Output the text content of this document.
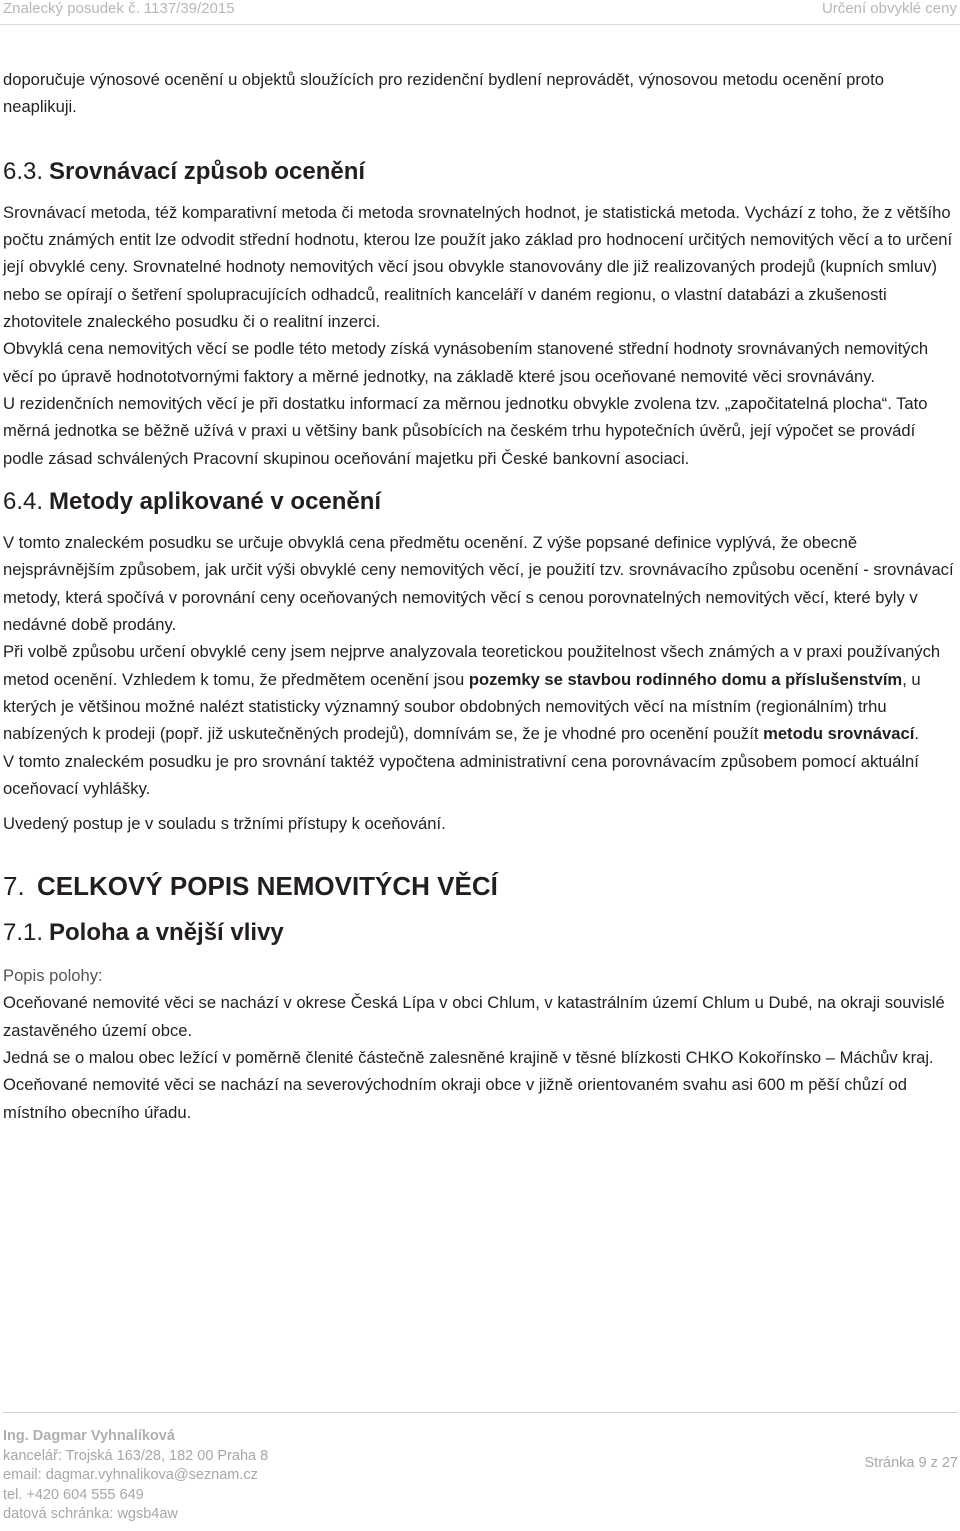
Znalecký posudek č. 1137/39/2015	Určení obvyklé ceny

doporučuje výnosové ocenění u objektů sloužících pro rezidenční bydlení neprovádět, výnosovou metodu ocenění proto neaplikuji.

6.3. Srovnávací způsob ocenění

Srovnávací metoda, též komparativní metoda či metoda srovnatelných hodnot, je statistická metoda. Vychází z toho, že z většího počtu známých entit lze odvodit střední hodnotu, kterou lze použít jako základ pro hodnocení určitých nemovitých věcí a to určení její obvyklé ceny. Srovnatelné hodnoty nemovitých věcí jsou obvykle stanovovány dle již realizovaných prodejů (kupních smluv) nebo se opírají o šetření spolupracujících odhadců, realitních kanceláří v daném regionu, o vlastní databázi a zkušenosti zhotovitele znaleckého posudku či o realitní inzerci.

Obvyklá cena nemovitých věcí se podle této metody získá vynásobením stanovené střední hodnoty srovnávaných nemovitých věcí po úpravě hodnototvornými faktory a měrné jednotky, na základě které jsou oceňované nemovité věci srovnávány.

U rezidenčních nemovitých věcí je při dostatku informací za měrnou jednotku obvykle zvolena tzv. „započitatelná plocha“. Tato měrná jednotka se běžně užívá v praxi u většiny bank působících na českém trhu hypotečních úvěrů, její výpočet se provádí podle zásad schválených Pracovní skupinou oceňování majetku při České bankovní asociaci.

6.4. Metody aplikované v ocenění

V tomto znaleckém posudku se určuje obvyklá cena předmětu ocenění. Z výše popsané definice vyplývá, že obecně nejsprávnějším způsobem, jak určit výši obvyklé ceny nemovitých věcí, je použití tzv. srovnávacího způsobu ocenění - srovnávací metody, která spočívá v porovnání ceny oceňovaných nemovitých věcí s cenou porovnatelných nemovitých věcí, které byly v nedávné době prodány.

Při volbě způsobu určení obvyklé ceny jsem nejprve analyzovala teoretickou použitelnost všech známých a v praxi používaných metod ocenění. Vzhledem k tomu, že předmětem ocenění jsou pozemky se stavbou rodinného domu a příslušenstvím, u kterých je většinou možné nalézt statisticky významný soubor obdobných nemovitých věcí na místním (regionálním) trhu nabízených k prodeji (popř. již uskutečněných prodejů), domnívám se, že je vhodné pro ocenění použít metodu srovnávací.

V tomto znaleckém posudku je pro srovnání taktéž vypočtena administrativní cena porovnávacím způsobem pomocí aktuální oceňovací vyhlášky.

Uvedený postup je v souladu s tržními přístupy k oceňování.

7. CELKOVÝ POPIS NEMOVITÝCH VĚCÍ

7.1. Poloha a vnější vlivy

Popis polohy:

Oceňované nemovité věci se nachází v okrese Česká Lípa v obci Chlum, v katastrálním území Chlum u Dubé, na okraji souvislé zastavěného území obce.

Jedná se o malou obec ležící v poměrně členité částečně zalesněné krajině v těsné blízkosti CHKO Kokořínsko – Máchův kraj.

Oceňované nemovité věci se nachází na severovýchodním okraji obce v jižně orientovaném svahu asi 600 m pěší chůzí od místního obecního úřadu.

Ing. Dagmar Vyhnalíková
kancelář: Trojská 163/28, 182 00 Praha 8
email: dagmar.vyhnalikova@seznam.cz
tel. +420 604 555 649
datová schránka: wgsb4aw
Stránka 9 z 27
